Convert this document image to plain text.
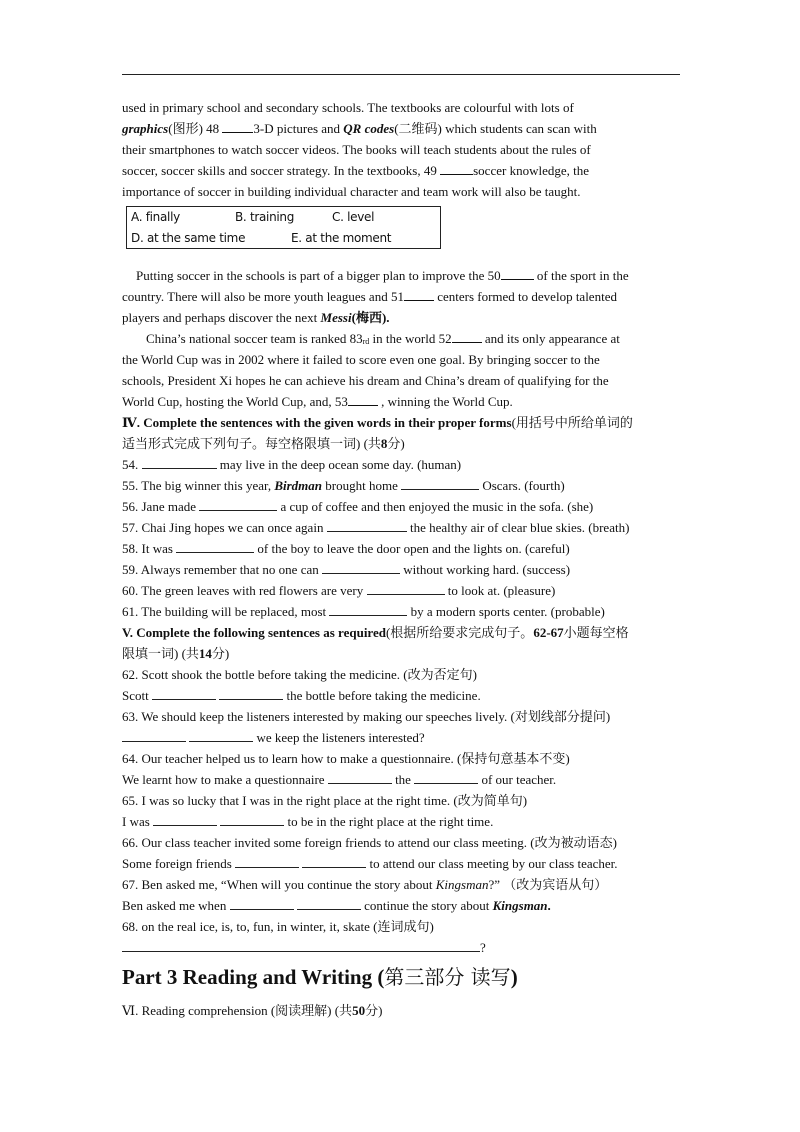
used in primary school and secondary schools. The textbooks are colourful with lots of
graphics(图形) 48 3-D pictures and QR codes(二维码) which students can scan with
their smartphones to watch soccer videos. The books will teach students about the rules of
soccer, soccer skills and soccer strategy. In the textbooks, 49	soccer knowledge, the
importance of soccer in building individual character and team work will also be taught.
A. finally	B. training	C. level
D. at the same time	E. at the moment
Putting soccer in the schools is part of a bigger plan to improve the 50	of the sport in the
country. There will also be more youth leagues and 51 centers formed to develop talented
players and perhaps discover the next Messi(梅西).
China’s national soccer team is ranked 83rd in the world 52 and its only appearance at
the World Cup was in 2002 where it failed to score even one goal. By bringing soccer to the
schools, President Xi hopes he can achieve his dream and China’s dream of qualifying for the
World Cup, hosting the World Cup, and, 53 , winning the World Cup.
Ⅳ. Complete the sentences with the given words in their proper forms(用括号中所给单词的
适当形式完成下列句子。每空格限填一词) (共8分)
54.	may live in the deep ocean some day. (human)
55. The big winner this year, Birdman brought home	Oscars. (fourth)
56. Jane made	a cup of coffee and then enjoyed the music in the sofa. (she)
57. Chai Jing hopes we can once again	the healthy air of clear blue skies. (breath)
58. It was	of the boy to leave the door open and the lights on. (careful)
59. Always remember that no one can	without working hard. (success)
60. The green leaves with red flowers are very	to look at. (pleasure)
61. The building will be replaced, most	by a modern sports center. (probable)
V. Complete the following sentences as required(根据所给要求完成句子。62-67小题每空格
限填一词) (共14分)
62. Scott shook the bottle before taking the medicine. (改为否定句)
Scott	the bottle before taking the medicine.
63. We should keep the listeners interested by making our speeches lively. (对划线部分提问)
we keep the listeners interested?
64. Our teacher helped us to learn how to make a questionnaire. (保持句意基本不变)
We learnt how to make a questionnaire	the	of our teacher.
65. I was so lucky that I was in the right place at the right time. (改为简单句)
I was	to be in the right place at the right time.
66. Our class teacher invited some foreign friends to attend our class meeting. (改为被动语态)
Some foreign friends	to attend our class meeting by our class teacher.
67. Ben asked me, “When will you continue the story about Kingsman?” （改为宾语从句）
Ben asked me when	continue the story about Kingsman.
68. on the real ice, is, to, fun, in winter, it, skate (连词成句)
?
Part 3 Reading and Writing (第三部分 读写)
Ⅵ. Reading comprehension (阅读理解) (共50分)
